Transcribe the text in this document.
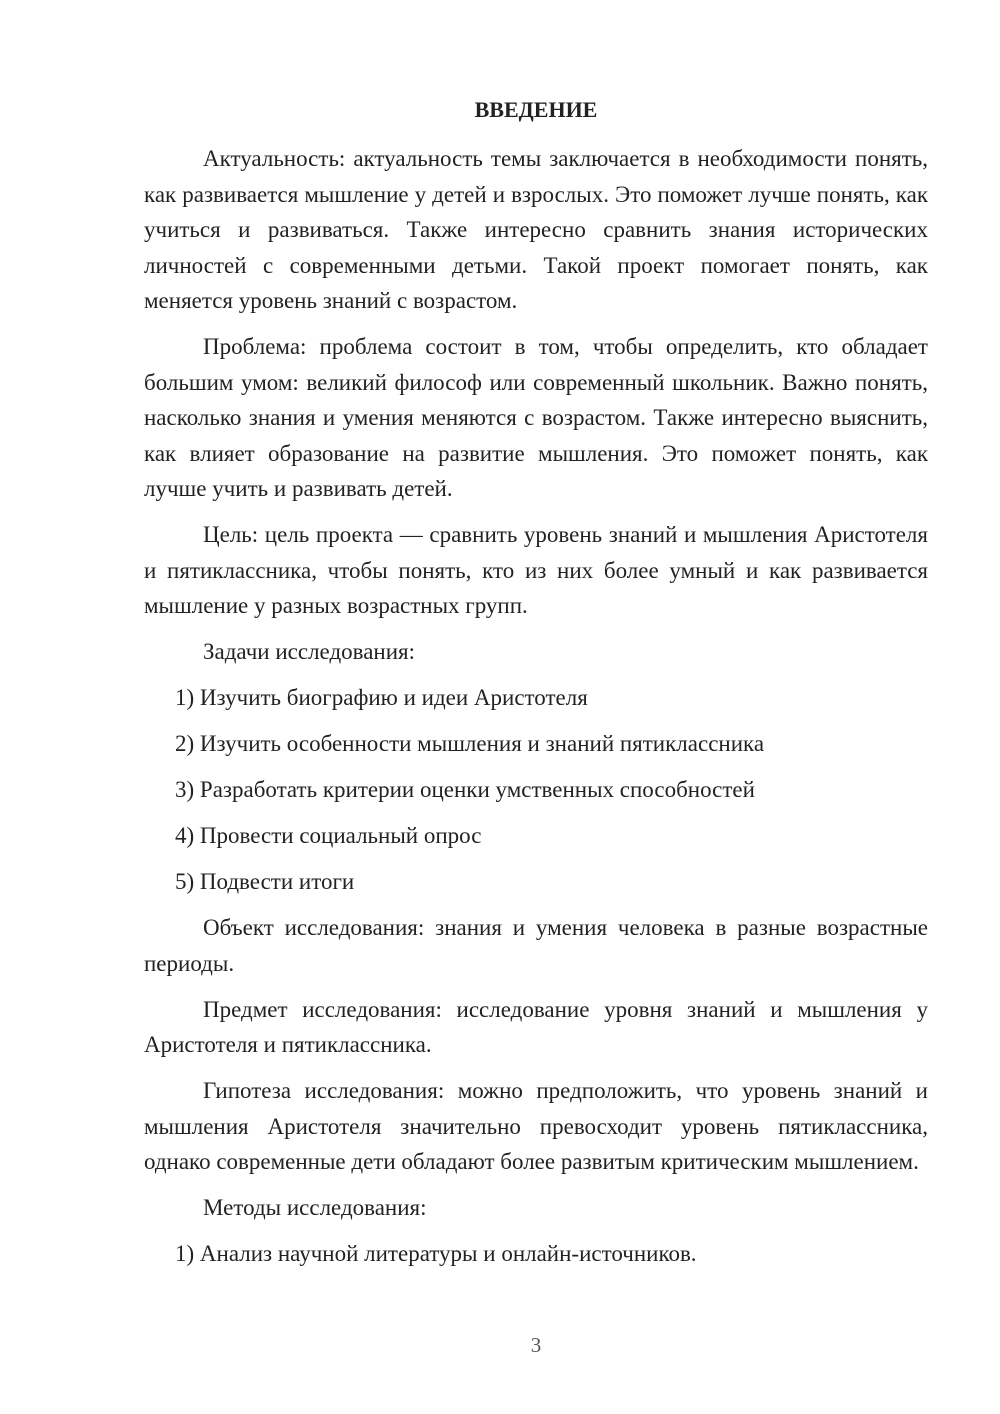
ВВЕДЕНИЕ

Актуальность: актуальность темы заключается в необходимости понять, как развивается мышление у детей и взрослых. Это поможет лучше понять, как учиться и развиваться. Также интересно сравнить знания исторических личностей с современными детьми. Такой проект помогает понять, как меняется уровень знаний с возрастом.

Проблема: проблема состоит в том, чтобы определить, кто обладает большим умом: великий философ или современный школьник. Важно понять, насколько знания и умения меняются с возрастом. Также интересно выяснить, как влияет образование на развитие мышления. Это поможет понять, как лучше учить и развивать детей.

Цель: цель проекта — сравнить уровень знаний и мышления Аристотеля и пятиклассника, чтобы понять, кто из них более умный и как развивается мышление у разных возрастных групп.

Задачи исследования:

1) Изучить биографию и идеи Аристотеля

2) Изучить особенности мышления и знаний пятиклассника

3) Разработать критерии оценки умственных способностей

4) Провести социальный опрос

5) Подвести итоги

Объект исследования: знания и умения человека в разные возрастные периоды.

Предмет исследования: исследование уровня знаний и мышления у Аристотеля и пятиклассника.

Гипотеза исследования: можно предположить, что уровень знаний и мышления Аристотеля значительно превосходит уровень пятиклассника, однако современные дети обладают более развитым критическим мышлением.

Методы исследования:

1) Анализ научной литературы и онлайн-источников.

3
